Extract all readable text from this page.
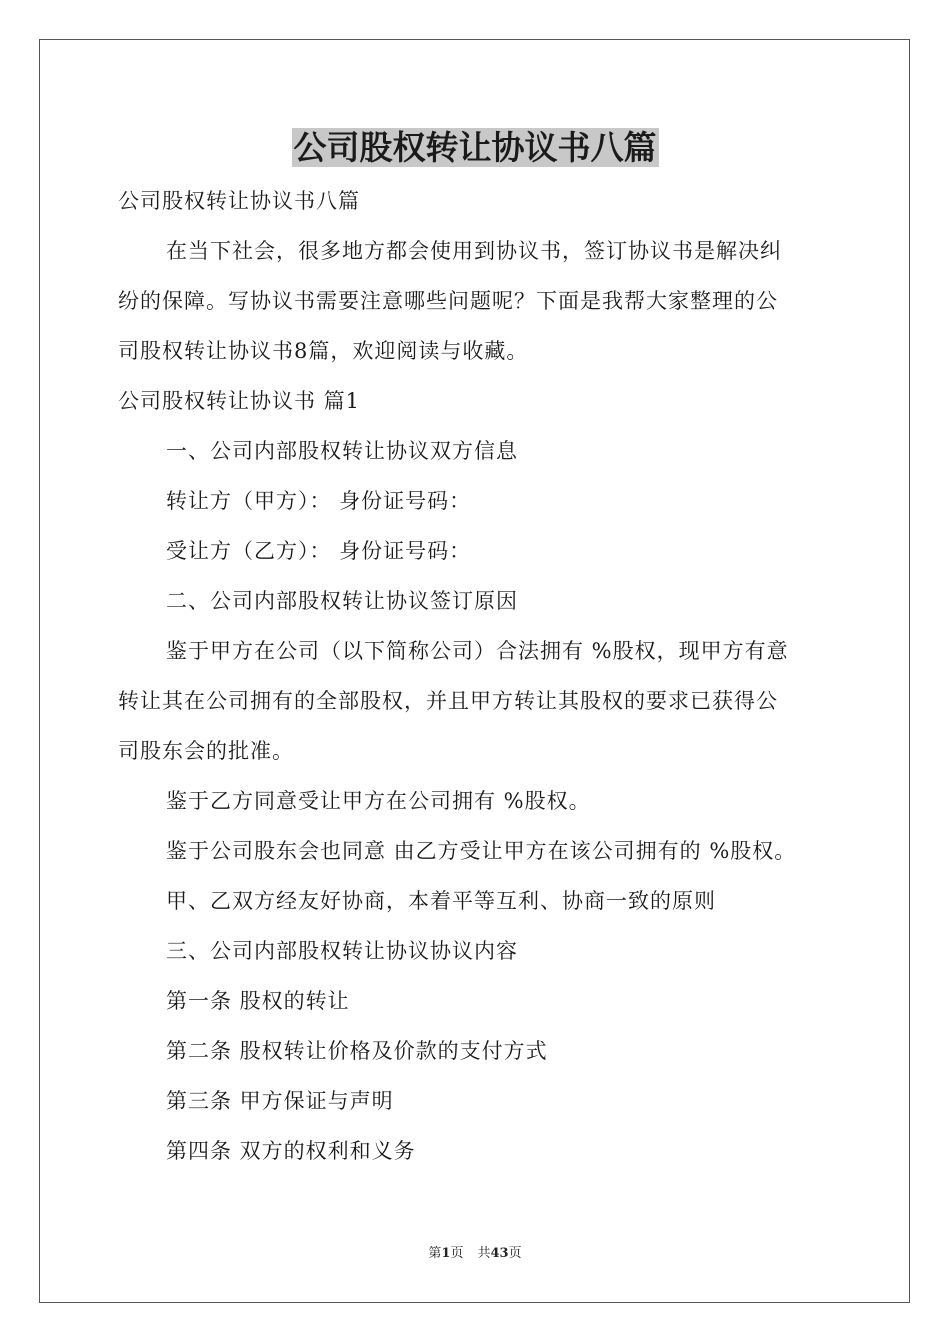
公司股权转让协议书八篇

公司股权转让协议书八篇

在当下社会，很多地方都会使用到协议书，签订协议书是解决纠

纷的保障。写协议书需要注意哪些问题呢？下面是我帮大家整理的公

司股权转让协议书8篇，欢迎阅读与收藏。

公司股权转让协议书 篇1

一、公司内部股权转让协议双方信息

转让方（甲方）： 身份证号码：

受让方（乙方）： 身份证号码：

二、公司内部股权转让协议签订原因

鉴于甲方在公司（以下简称公司）合法拥有 %股权，现甲方有意

转让其在公司拥有的全部股权，并且甲方转让其股权的要求已获得公

司股东会的批准。

鉴于乙方同意受让甲方在公司拥有 %股权。

鉴于公司股东会也同意 由乙方受让甲方在该公司拥有的 %股权。

甲、乙双方经友好协商，本着平等互利、协商一致的原则

三、公司内部股权转让协议协议内容

第一条 股权的转让

第二条 股权转让价格及价款的支付方式

第三条 甲方保证与声明

第四条 双方的权利和义务

第1页 共43页
